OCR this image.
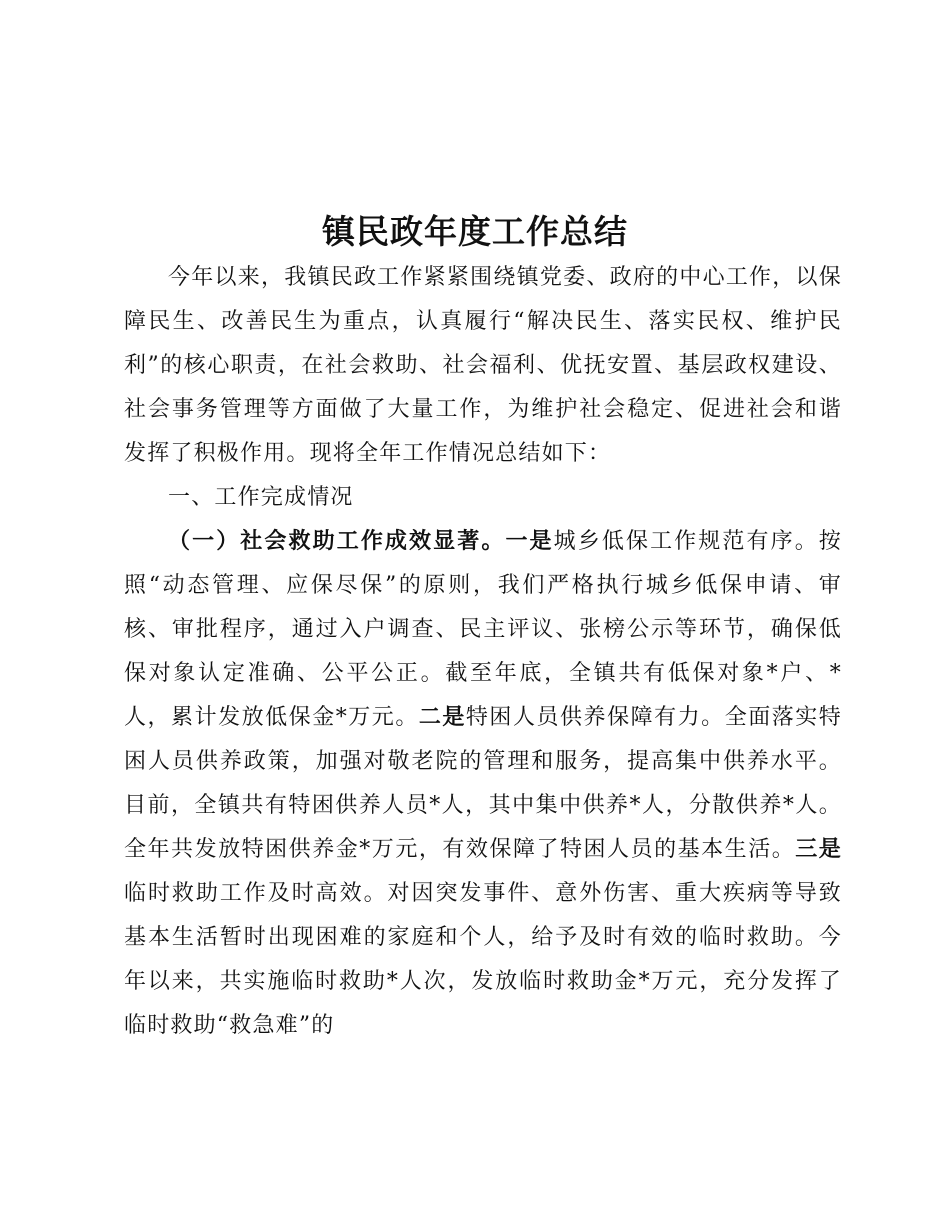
镇民政年度工作总结

今年以来，我镇民政工作紧紧围绕镇党委、政府的中心工作，以保障民生、改善民生为重点，认真履行“解决民生、落实民权、维护民利”的核心职责，在社会救助、社会福利、优抚安置、基层政权建设、社会事务管理等方面做了大量工作，为维护社会稳定、促进社会和谐发挥了积极作用。现将全年工作情况总结如下：

一、工作完成情况

（一）社会救助工作成效显著。一是城乡低保工作规范有序。按照“动态管理、应保尽保”的原则，我们严格执行城乡低保申请、审核、审批程序，通过入户调查、民主评议、张榜公示等环节，确保低保对象认定准确、公平公正。截至年底，全镇共有低保对象*户、*人，累计发放低保金*万元。二是特困人员供养保障有力。全面落实特困人员供养政策，加强对敬老院的管理和服务，提高集中供养水平。目前，全镇共有特困供养人员*人，其中集中供养*人，分散供养*人。全年共发放特困供养金*万元，有效保障了特困人员的基本生活。三是临时救助工作及时高效。对因突发事件、意外伤害、重大疾病等导致基本生活暂时出现困难的家庭和个人，给予及时有效的临时救助。今年以来，共实施临时救助*人次，发放临时救助金*万元，充分发挥了临时救助“救急难”的
